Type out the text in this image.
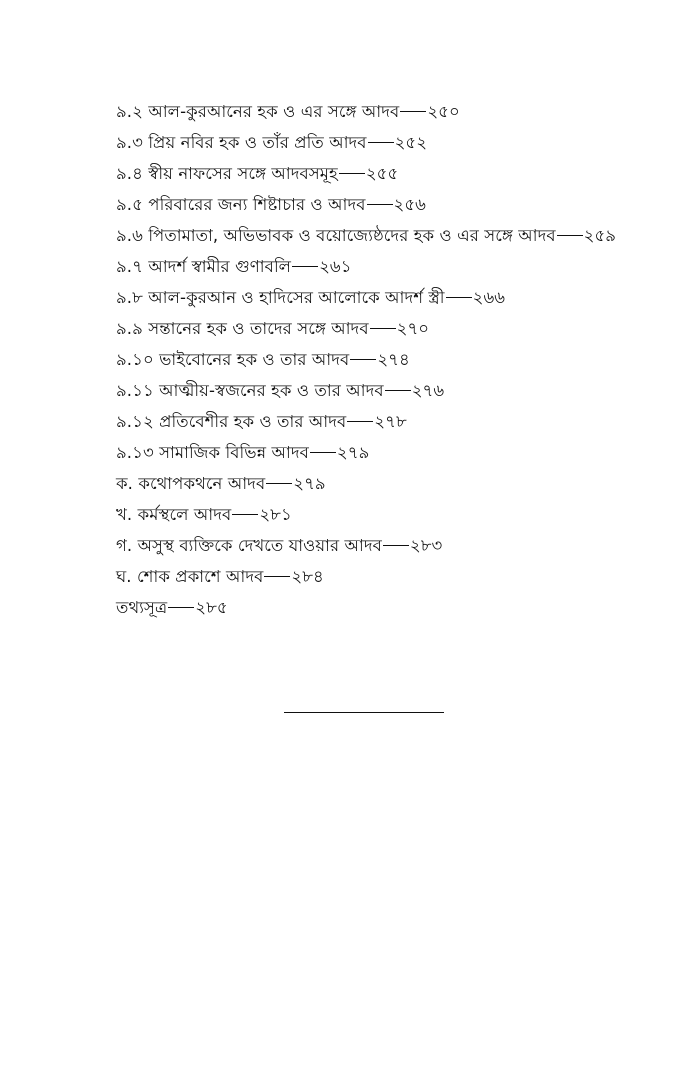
৯.২ আল-কুরআনের হক ও এর সঙ্গে আদব ২৫০
৯.৩ প্রিয় নবির হক ও তাঁর প্রতি আদব ২৫২
৯.৪ স্বীয় নাফসের সঙ্গে আদবসমূহ ২৫৫
৯.৫ পরিবারের জন্য শিষ্টাচার ও আদব ২৫৬
৯.৬ পিতামাতা, অভিভাবক ও বয়োজ্যেষ্ঠদের হক ও এর সঙ্গে আদব ২৫৯
৯.৭ আদর্শ স্বামীর গুণাবলি ২৬১
৯.৮ আল-কুরআন ও হাদিসের আলোকে আদর্শ স্ত্রী ২৬৬
৯.৯ সন্তানের হক ও তাদের সঙ্গে আদব ২৭০
৯.১০ ভাইবোনের হক ও তার আদব ২৭৪
৯.১১ আত্মীয়-স্বজনের হক ও তার আদব ২৭৬
৯.১২ প্রতিবেশীর হক ও তার আদব ২৭৮
৯.১৩ সামাজিক বিভিন্ন আদব ২৭৯
ক. কথোপকথনে আদব ২৭৯
খ. কর্মস্থলে আদব ২৮১
গ. অসুস্থ ব্যক্তিকে দেখতে যাওয়ার আদব ২৮৩
ঘ. শোক প্রকাশে আদব ২৮৪
তথ্যসূত্র ২৮৫
